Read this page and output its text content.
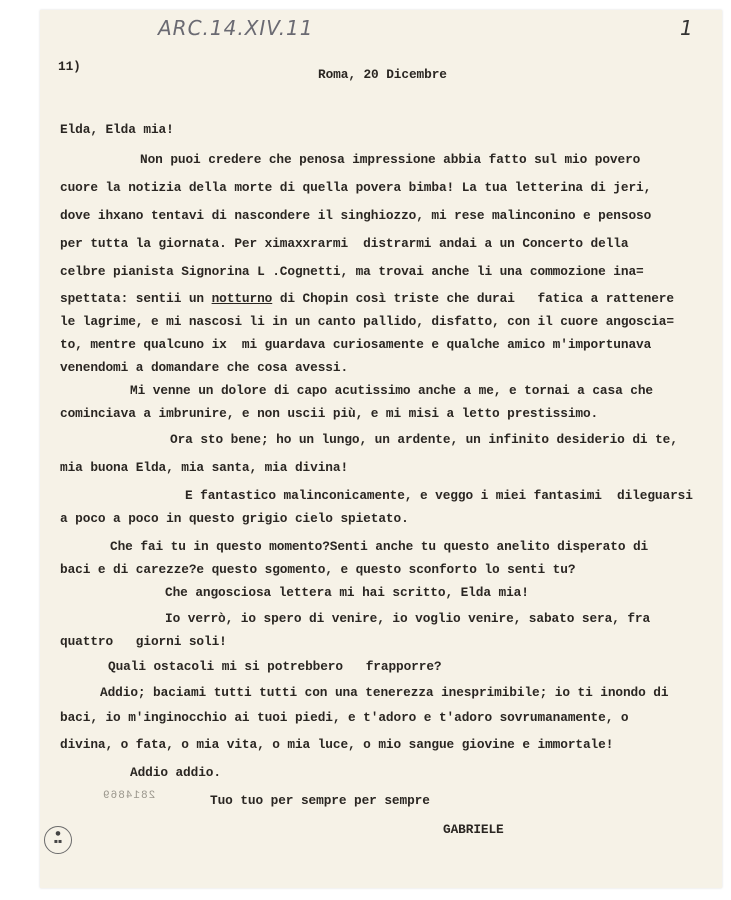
ARC.14.XIV.11	1
11)
Roma, 20 Dicembre
Elda, Elda mia!
Non puoi credere che penosa impressione abbia fatto sul mio povero
cuore la notizia della morte di quella povera bimba! La tua letterina di jeri,
dove ihxano tentavi di nascondere il singhiozzo, mi rese malinconino e pensoso
per tutta la giornata. Per ximaxxrarmi  distrarmi andai a un Concerto della
celbre pianista Signorina L .Cognetti, ma trovai anche li una commozione ina=
spettata: sentii un notturno di Chopin così triste che durai   fatica a rattenere
le lagrime, e mi nascosi li in un canto pallido, disfatto, con il cuore angoscia=
to, mentre qualcuno ix  mi guardava curiosamente e qualche amico m'importunava
venendomi a domandare che cosa avessi.
Mi venne un dolore di capo acutissimo anche a me, e tornai a casa che
cominciava a imbrunire, e non uscii più, e mi misi a letto prestissimo.
Ora sto bene; ho un lungo, un ardente, un infinito desiderio di te,
mia buona Elda, mia santa, mia divina!
E fantastico malinconicamente, e veggo i miei fantasimi  dileguarsi
a poco a poco in questo grigio cielo spietato.
Che fai tu in questo momento?Senti anche tu questo anelito disperato di
baci e di carezze?e questo sgomento, e questo sconforto lo senti tu?
Che angosciosa lettera mi hai scritto, Elda mia!
Io verrò, io spero di venire, io voglio venire, sabato sera, fra
quattro   giorni soli!
Quali ostacoli mi si potrebbero   frapporre?
Addio; baciami tutti tutti con una tenerezza inesprimibile; io ti inondo di
baci, io m'inginocchio ai tuoi piedi, e t'adoro e t'adoro sovrumanamente, o
divina, o fata, o mia vita, o mia luce, o mio sangue giovine e immortale!
Addio addio.
2814869	Tuo tuo per sempre per sempre
GABRIELE
●
▪▪
